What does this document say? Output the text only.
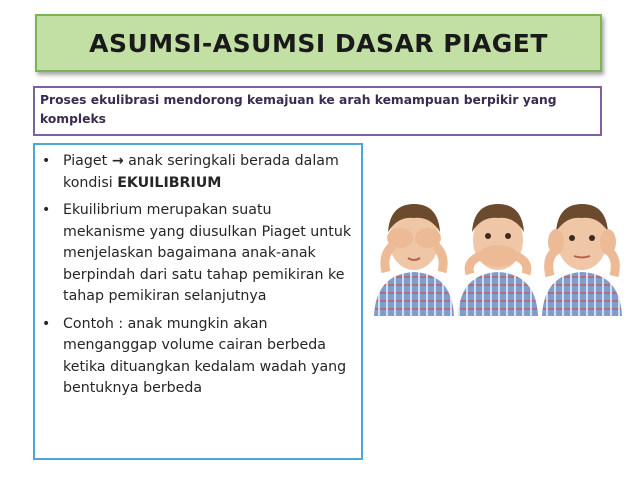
ASUMSI-ASUMSI DASAR PIAGET
Proses ekulibrasi mendorong kemajuan ke arah kemampuan berpikir yang kompleks
• Piaget → anak seringkali berada dalam kondisi EKUILIBRIUM
• Ekuilibrium merupakan suatu mekanisme yang diusulkan Piaget untuk menjelaskan bagaimana anak-anak berpindah dari satu tahap pemikiran ke tahap pemikiran selanjutnya
• Contoh : anak mungkin akan menganggap volume cairan berbeda ketika dituangkan kedalam wadah yang bentuknya berbeda
